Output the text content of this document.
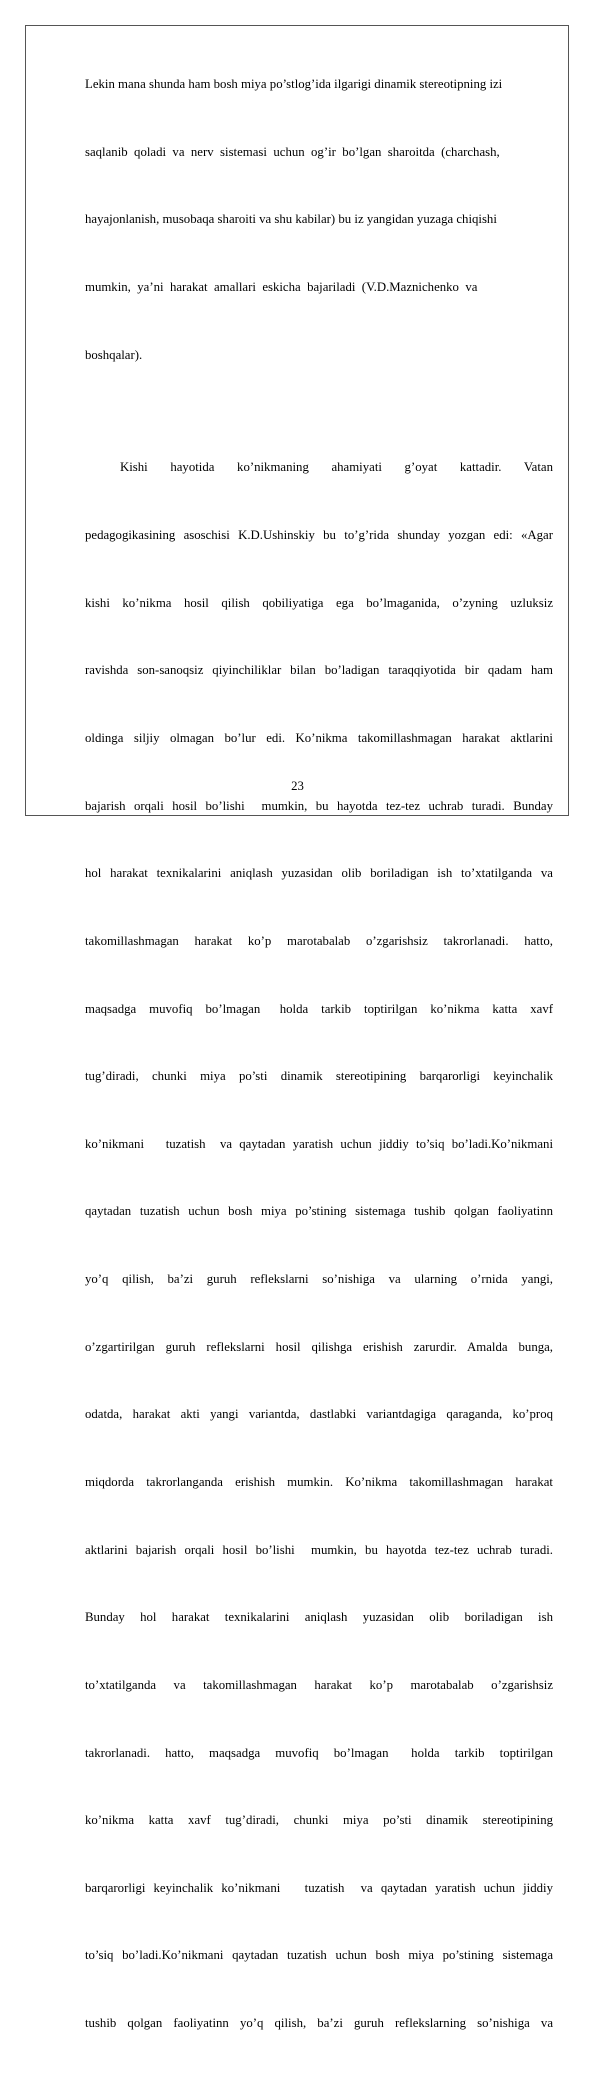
Lekin mana shunda ham bosh miya po’stlog’ida ilgarigi dinamik stereotipning izi

saqlanib  qoladi  va  nerv  sistemasi  uchun  og’ir  bo’lgan  sharoitda  (charchash,

hayajonlanish, musobaqa sharoiti va shu kabilar) bu iz yangidan yuzaga chiqishi

mumkin,  ya’ni  harakat  amallari  eskicha  bajariladi  (V.D.Maznichenko  va

boshqalar).

Kishi  hayotida  ko’nikmaning  ahamiyati  g’oyat  kattadir.  Vatan

pedagogikasining asoschisi K.D.Ushinskiy bu to’g’rida shunday yozgan edi: «Agar

kishi  ko’nikma  hosil  qilish  qobiliyatiga  ega  bo’lmaganida,  o’zyning  uzluksiz

ravishda son-sanoqsiz qiyinchiliklar bilan bo’ladigan taraqqiyotida bir qadam ham

oldinga  siljiy  olmagan  bo’lur  edi.  Ko’nikma  takomillashmagan  harakat  aktlarini

bajarish orqali hosil bo’lishi  mumkin, bu hayotda tez-tez uchrab turadi. Bunday

hol harakat texnikalarini aniqlash yuzasidan olib boriladigan ish to’xtatilganda va

takomillashmagan  harakat  ko’p  marotabalab  o’zgarishsiz  takrorlanadi.  hatto,

maqsadga  muvofiq  bo’lmagan   holda  tarkib  toptirilgan  ko’nikma  katta  xavf

tug’diradi,  chunki  miya  po’sti  dinamik  stereotipining  barqarorligi  keyinchalik

ko’nikmani   tuzatish  va qaytadan yaratish uchun jiddiy to’siq bo’ladi.Ko’nikmani

qaytadan tuzatish uchun bosh miya po’stining sistemaga tushib qolgan faoliyatinn

yo’q  qilish,  ba’zi  guruh  reflekslarni  so’nishiga  va  ularning  o’rnida  yangi,

o’zgartirilgan  guruh  reflekslarni  hosil  qilishga  erishish  zarurdir.  Amalda  bunga,

odatda,  harakat  akti  yangi  variantda,  dastlabki  variantdagiga  qaraganda,  ko’proq

miqdorda  takrorlanganda  erishish  mumkin.  Ko’nikma  takomillashmagan  harakat

aktlarini bajarish orqali hosil bo’lishi  mumkin, bu hayotda tez-tez uchrab turadi.

Bunday  hol  harakat  texnikalarini  aniqlash  yuzasidan  olib  boriladigan  ish

to’xtatilganda  va  takomillashmagan  harakat  ko’p  marotabalab  o’zgarishsiz

takrorlanadi.  hatto,  maqsadga  muvofiq  bo’lmagan   holda  tarkib  toptirilgan

ko’nikma  katta  xavf  tug’diradi,  chunki  miya  po’sti  dinamik  stereotipining

barqarorligi keyinchalik ko’nikmani   tuzatish  va qaytadan yaratish uchun jiddiy

to’siq bo’ladi.Ko’nikmani qaytadan tuzatish uchun bosh miya po’stining sistemaga

tushib  qolgan  faoliyatinn  yo’q  qilish,  ba’zi  guruh  reflekslarning  so’nishiga  va

23
